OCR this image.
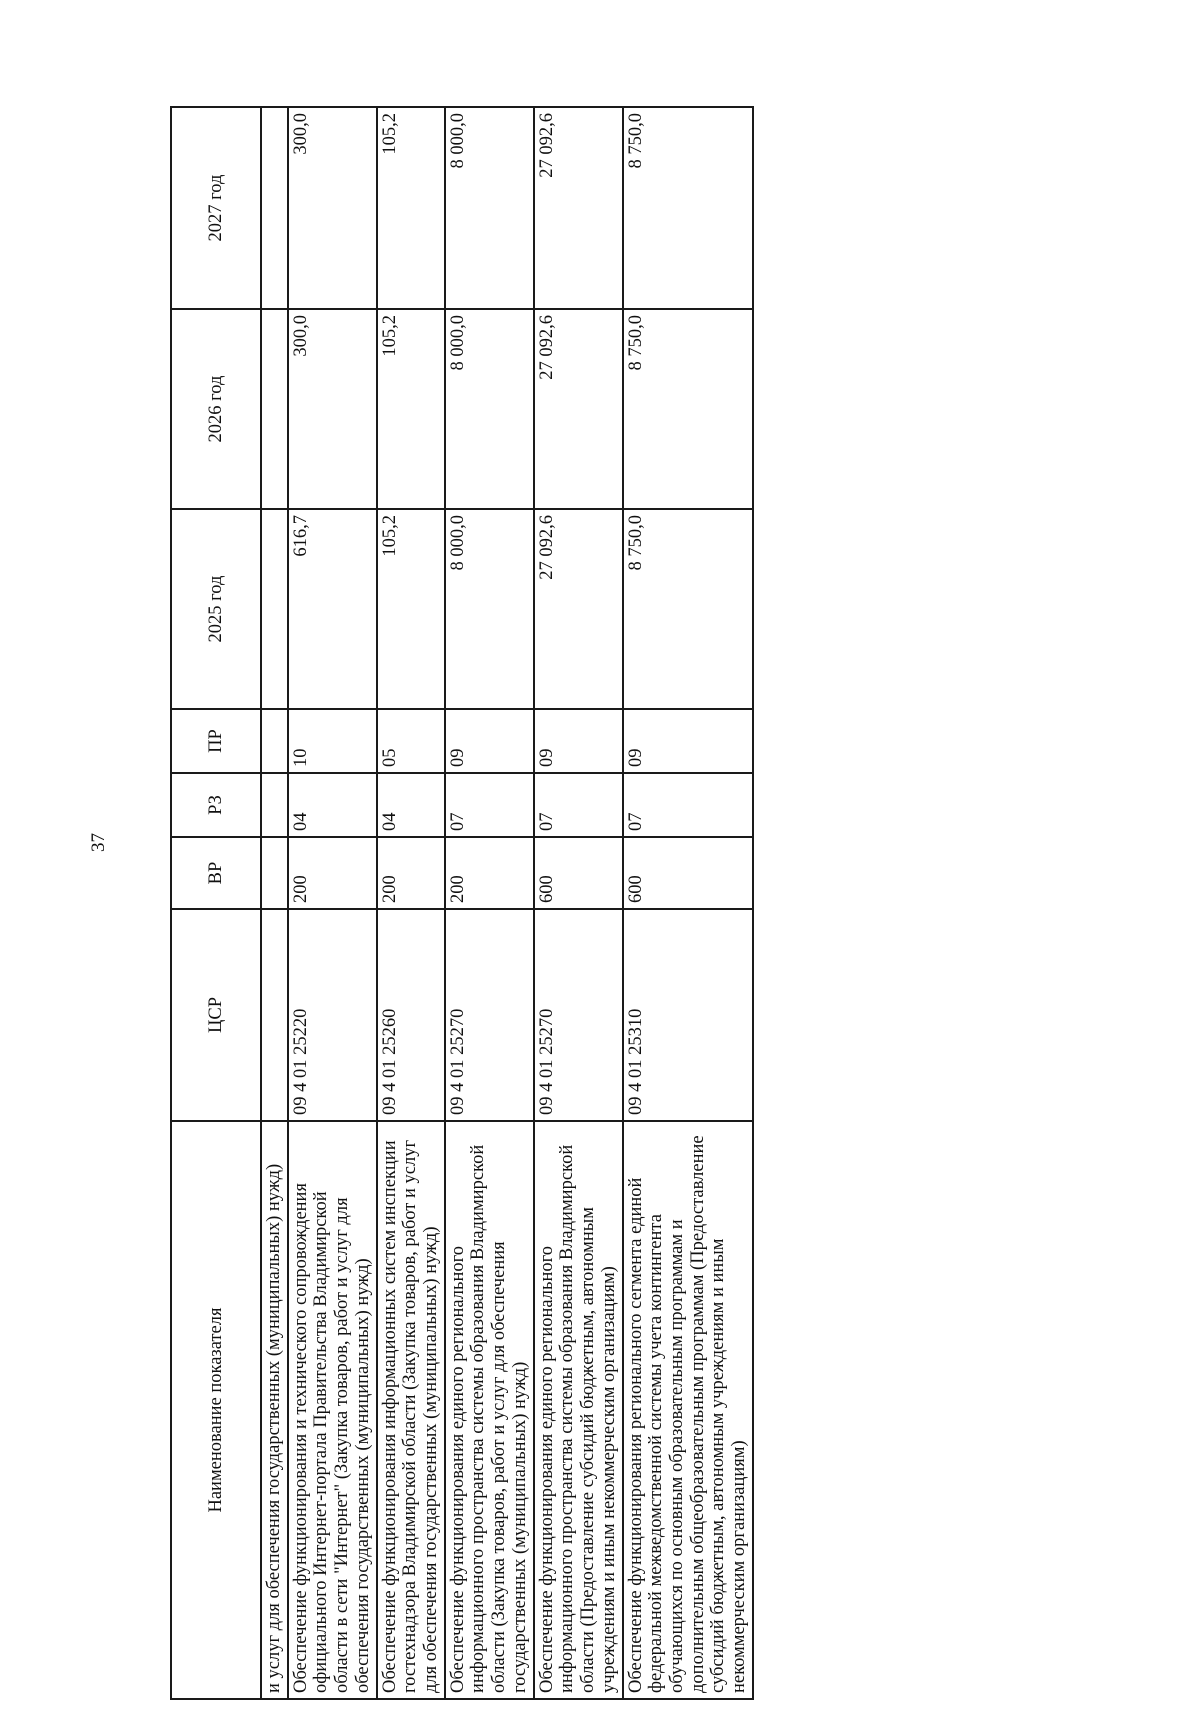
37
Наименование показателя	ЦСР	ВР	РЗ	ПР	2025 год	2026 год	2027 год
и услуг для обеспечения государственных (муниципальных) нужд)							
Обеспечение функционирования и технического сопровождения официального Интернет-портала Правительства Владимирской области в сети "Интернет" (Закупка товаров, работ и услуг для обеспечения государственных (муниципальных) нужд)	09 4 01 25220	200	04	10	616,7	300,0	300,0
Обеспечение функционирования информационных систем инспекции гостехнадзора Владимирской области (Закупка товаров, работ и услуг для обеспечения государственных (муниципальных) нужд)	09 4 01 25260	200	04	05	105,2	105,2	105,2
Обеспечение функционирования единого регионального информационного пространства системы образования Владимирской области (Закупка товаров, работ и услуг для обеспечения государственных (муниципальных) нужд)	09 4 01 25270	200	07	09	8 000,0	8 000,0	8 000,0
Обеспечение функционирования единого регионального информационного пространства системы образования Владимирской области (Предоставление субсидий бюджетным, автономным учреждениям и иным некоммерческим организациям)	09 4 01 25270	600	07	09	27 092,6	27 092,6	27 092,6
Обеспечение функционирования регионального сегмента единой федеральной межведомственной системы учета контингента обучающихся по основным образовательным программам и дополнительным общеобразовательным программам (Предоставление субсидий бюджетным, автономным учреждениям и иным некоммерческим организациям)	09 4 01 25310	600	07	09	8 750,0	8 750,0	8 750,0
